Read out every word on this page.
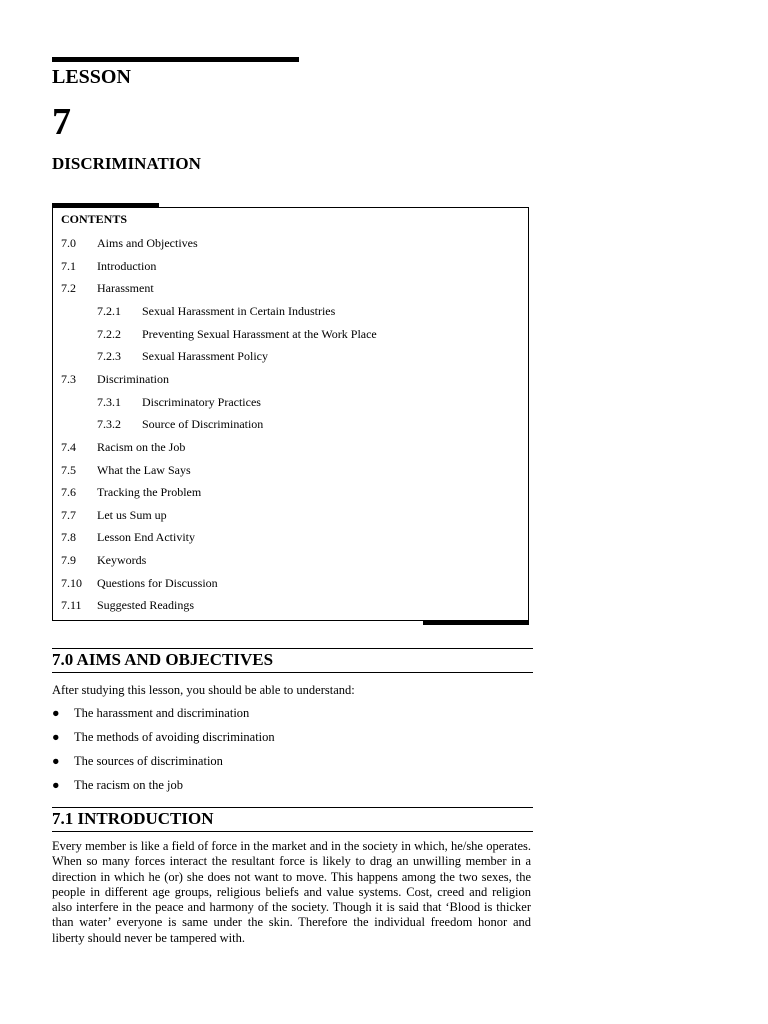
LESSON
7
DISCRIMINATION
CONTENTS
7.0 Aims and Objectives
7.1 Introduction
7.2 Harassment
7.2.1 Sexual Harassment in Certain Industries
7.2.2 Preventing Sexual Harassment at the Work Place
7.2.3 Sexual Harassment Policy
7.3 Discrimination
7.3.1 Discriminatory Practices
7.3.2 Source of Discrimination
7.4 Racism on the Job
7.5 What the Law Says
7.6 Tracking the Problem
7.7 Let us Sum up
7.8 Lesson End Activity
7.9 Keywords
7.10 Questions for Discussion
7.11 Suggested Readings
7.0 AIMS AND OBJECTIVES
After studying this lesson, you should be able to understand:
● The harassment and discrimination
● The methods of avoiding discrimination
● The sources of discrimination
● The racism on the job
7.1 INTRODUCTION
Every member is like a field of force in the market and in the society in which, he/she operates. When so many forces interact the resultant force is likely to drag an unwilling member in a direction in which he (or) she does not want to move. This happens among the two sexes, the people in different age groups, religious beliefs and value systems. Cost, creed and religion also interfere in the peace and harmony of the society. Though it is said that ‘Blood is thicker than water’ everyone is same under the skin. Therefore the individual freedom honor and liberty should never be tampered with.
